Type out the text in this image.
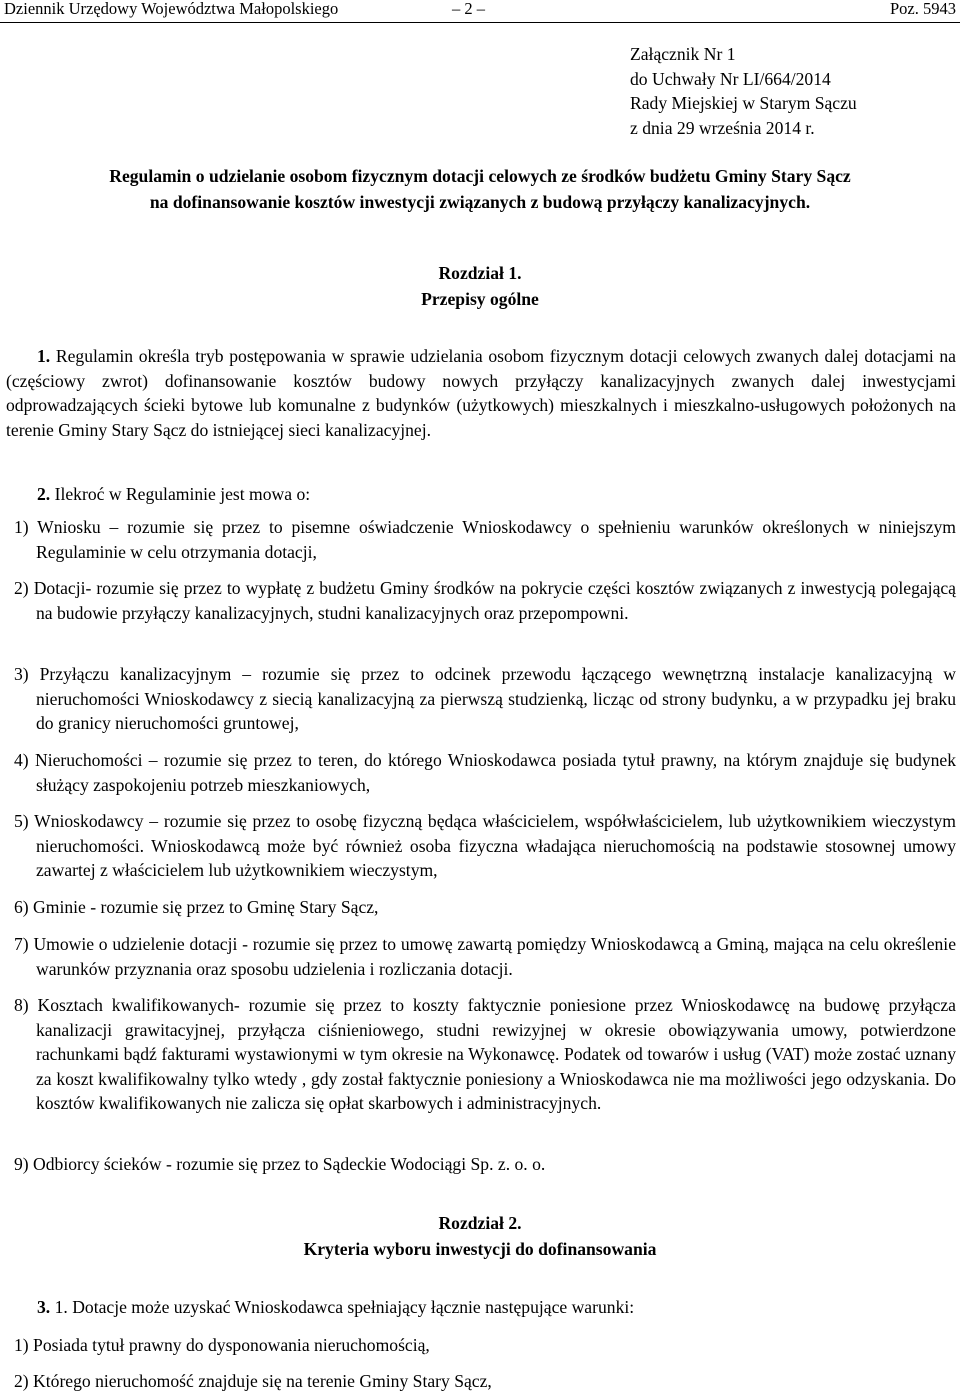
Dziennik Urzędowy Województwa Małopolskiego	– 2 –	Poz. 5943
Załącznik Nr 1
do Uchwały Nr LI/664/2014
Rady Miejskiej w Starym Sączu
z dnia 29 września 2014 r.
Regulamin o udzielanie osobom fizycznym dotacji celowych ze środków budżetu Gminy Stary Sącz
na dofinansowanie kosztów inwestycji związanych z budową przyłączy kanalizacyjnych.
Rozdział 1.
Przepisy ogólne
1. Regulamin określa tryb postępowania w sprawie udzielania osobom fizycznym dotacji celowych zwanych dalej dotacjami na (częściowy zwrot) dofinansowanie kosztów budowy nowych przyłączy kanalizacyjnych zwanych dalej inwestycjami odprowadzających ścieki bytowe lub komunalne z budynków (użytkowych) mieszkalnych i mieszkalno-usługowych położonych na terenie Gminy Stary Sącz do istniejącej sieci kanalizacyjnej.
2. Ilekroć w Regulaminie jest mowa o:
1) Wniosku – rozumie się przez to pisemne oświadczenie Wnioskodawcy o spełnieniu warunków określonych w niniejszym Regulaminie w celu otrzymania dotacji,
2) Dotacji- rozumie się przez to wypłatę z budżetu Gminy środków na pokrycie części kosztów związanych z inwestycją polegającą na budowie przyłączy kanalizacyjnych, studni kanalizacyjnych oraz przepompowni.
3) Przyłączu kanalizacyjnym – rozumie się przez to odcinek przewodu łączącego wewnętrzną instalacje kanalizacyjną w nieruchomości Wnioskodawcy z siecią kanalizacyjną za pierwszą studzienką, licząc od strony budynku, a w przypadku jej braku do granicy nieruchomości gruntowej,
4) Nieruchomości – rozumie się przez to teren, do którego Wnioskodawca posiada tytuł prawny, na którym znajduje się budynek służący zaspokojeniu potrzeb mieszkaniowych,
5) Wnioskodawcy – rozumie się przez to osobę fizyczną będąca właścicielem, współwłaścicielem, lub użytkownikiem wieczystym nieruchomości. Wnioskodawcą może być również osoba fizyczna władająca nieruchomością na podstawie stosownej umowy zawartej z właścicielem lub użytkownikiem wieczystym,
6) Gminie - rozumie się przez to Gminę Stary Sącz,
7) Umowie o udzielenie dotacji - rozumie się przez to umowę zawartą pomiędzy Wnioskodawcą a Gminą, mająca na celu określenie warunków przyznania oraz sposobu udzielenia i rozliczania dotacji.
8) Kosztach kwalifikowanych- rozumie się przez to koszty faktycznie poniesione przez Wnioskodawcę na budowę przyłącza kanalizacji grawitacyjnej, przyłącza ciśnieniowego, studni rewizyjnej w okresie obowiązywania umowy, potwierdzone rachunkami bądź fakturami wystawionymi w tym okresie na Wykonawcę. Podatek od towarów i usług (VAT) może zostać uznany za koszt kwalifikowalny tylko wtedy , gdy został faktycznie poniesiony a Wnioskodawca nie ma możliwości jego odzyskania. Do kosztów kwalifikowanych nie zalicza się opłat skarbowych i administracyjnych.
9) Odbiorcy ścieków - rozumie się przez to Sądeckie Wodociągi Sp. z. o. o.
Rozdział 2.
Kryteria wyboru inwestycji do dofinansowania
3. 1. Dotacje może uzyskać Wnioskodawca spełniający łącznie następujące warunki:
1) Posiada tytuł prawny do dysponowania nieruchomością,
2) Którego nieruchomość znajduje się na terenie Gminy Stary Sącz,
